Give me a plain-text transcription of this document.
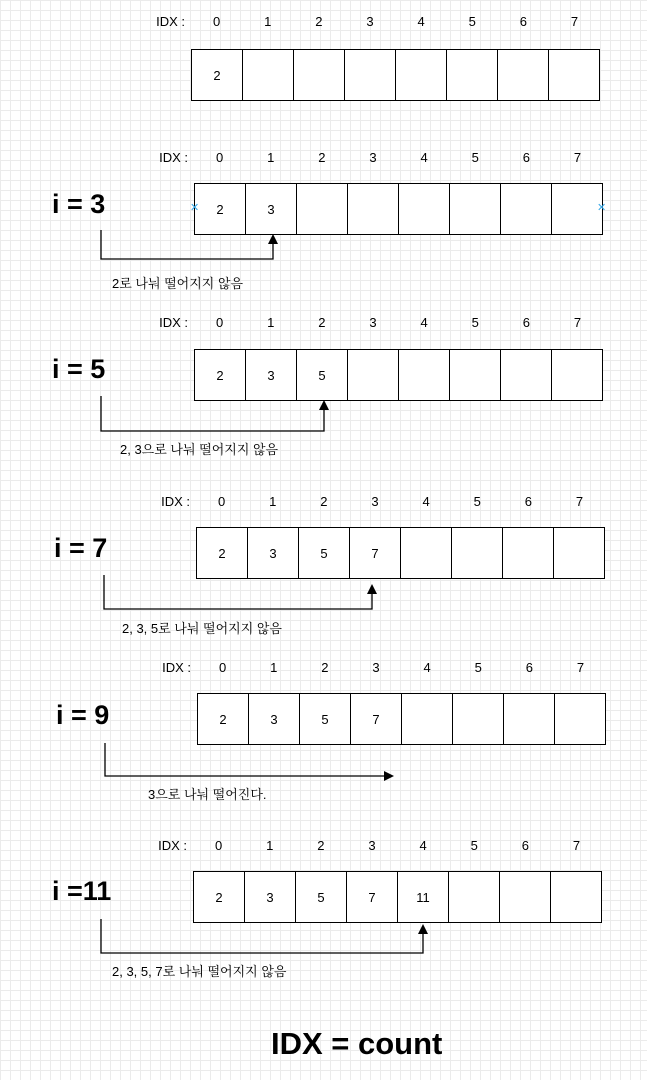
IDX :	0	1	2	3	4	5	6	7
2
IDX :	0	1	2	3	4	5	6	7
2	3
i = 3
2로 나눠 떨어지지 않음
IDX :	0	1	2	3	4	5	6	7
2	3	5
i = 5
2, 3으로 나눠 떨어지지 않음
IDX :	0	1	2	3	4	5	6	7
2	3	5	7
i = 7
2, 3, 5로 나눠 떨어지지 않음
IDX :	0	1	2	3	4	5	6	7
2	3	5	7
i = 9
3으로 나눠 떨어진다.
IDX :	0	1	2	3	4	5	6	7
2	3	5	7	11
i =11
2, 3, 5, 7로 나눠 떨어지지 않음
✕	✕
IDX = count
